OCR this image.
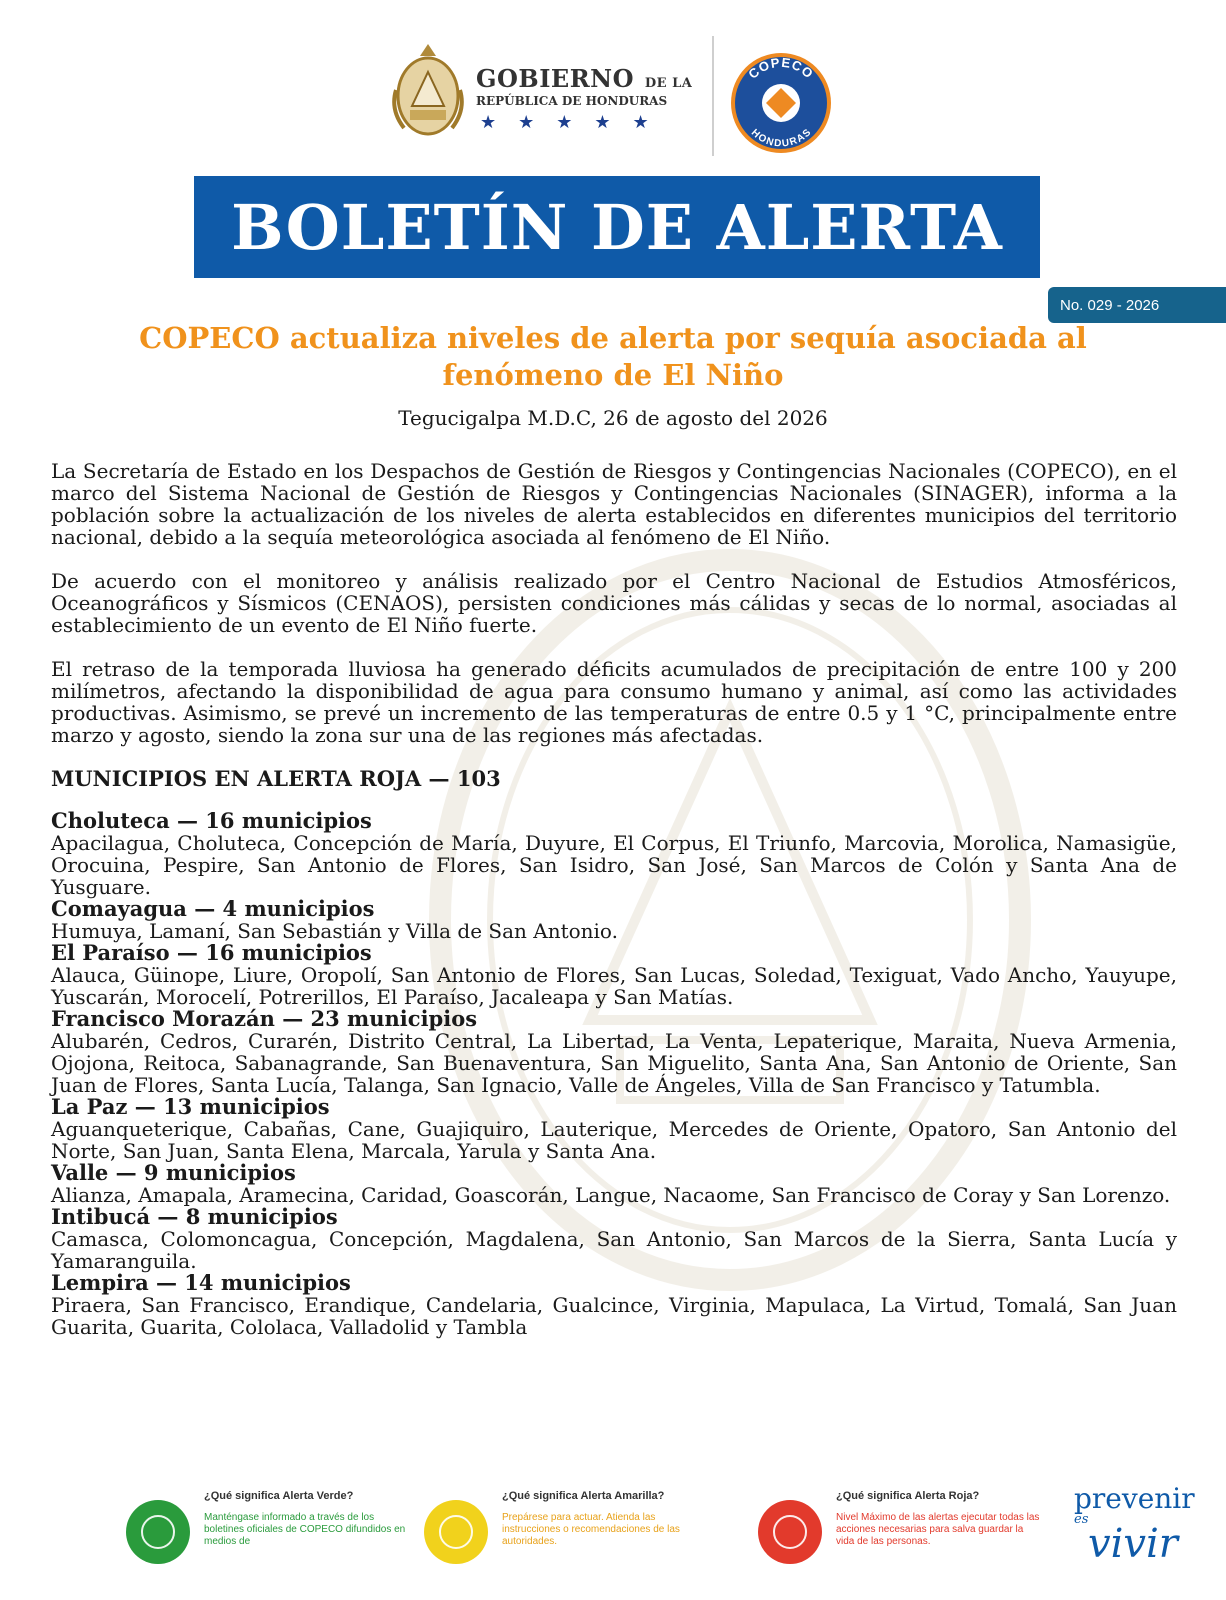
GOBIERNO DE LA
REPÚBLICA DE HONDURAS
★★★★★
COPECO
HONDURAS
BOLETÍN DE ALERTA
No. 029 - 2026
COPECO actualiza niveles de alerta por sequía asociada al fenómeno de El Niño
Tegucigalpa M.D.C, 26 de agosto del 2026

La Secretaría de Estado en los Despachos de Gestión de Riesgos y Contingencias Nacionales (COPECO), en el marco del Sistema Nacional de Gestión de Riesgos y Contingencias Nacionales (SINAGER), informa a la población sobre la actualización de los niveles de alerta establecidos en diferentes municipios del territorio nacional, debido a la sequía meteorológica asociada al fenómeno de El Niño.

De acuerdo con el monitoreo y análisis realizado por el Centro Nacional de Estudios Atmosféricos, Oceanográficos y Sísmicos (CENAOS), persisten condiciones más cálidas y secas de lo normal, asociadas al establecimiento de un evento de El Niño fuerte.

El retraso de la temporada lluviosa ha generado déficits acumulados de precipitación de entre 100 y 200 milímetros, afectando la disponibilidad de agua para consumo humano y animal, así como las actividades productivas. Asimismo, se prevé un incremento de las temperaturas de entre 0.5 y 1 °C, principalmente entre marzo y agosto, siendo la zona sur una de las regiones más afectadas.

MUNICIPIOS EN ALERTA ROJA — 103
Choluteca — 16 municipios
Apacilagua, Choluteca, Concepción de María, Duyure, El Corpus, El Triunfo, Marcovia, Morolica, Namasigüe, Orocuina, Pespire, San Antonio de Flores, San Isidro, San José, San Marcos de Colón y Santa Ana de Yusguare.
Comayagua — 4 municipios
Humuya, Lamaní, San Sebastián y Villa de San Antonio.
El Paraíso — 16 municipios
Alauca, Güinope, Liure, Oropolí, San Antonio de Flores, San Lucas, Soledad, Texiguat, Vado Ancho, Yauyupe, Yuscarán, Morocelí, Potrerillos, El Paraíso, Jacaleapa y San Matías.
Francisco Morazán — 23 municipios
Alubarén, Cedros, Curarén, Distrito Central, La Libertad, La Venta, Lepaterique, Maraita, Nueva Armenia, Ojojona, Reitoca, Sabanagrande, San Buenaventura, San Miguelito, Santa Ana, San Antonio de Oriente, San Juan de Flores, Santa Lucía, Talanga, San Ignacio, Valle de Ángeles, Villa de San Francisco y Tatumbla.
La Paz — 13 municipios
Aguanqueterique, Cabañas, Cane, Guajiquiro, Lauterique, Mercedes de Oriente, Opatoro, San Antonio del Norte, San Juan, Santa Elena, Marcala, Yarula y Santa Ana.
Valle — 9 municipios
Alianza, Amapala, Aramecina, Caridad, Goascorán, Langue, Nacaome, San Francisco de Coray y San Lorenzo.
Intibucá — 8 municipios
Camasca, Colomoncagua, Concepción, Magdalena, San Antonio, San Marcos de la Sierra, Santa Lucía y Yamaranguila.
Lempira — 14 municipios
Piraera, San Francisco, Erandique, Candelaria, Gualcince, Virginia, Mapulaca, La Virtud, Tomalá, San Juan Guarita, Guarita, Cololaca, Valladolid y Tambla
¿Qué significa Alerta Verde?
Manténgase informado a través de los boletines oficiales de COPECO difundidos en medios de
¿Qué significa Alerta Amarilla?
Prepárese para actuar. Atienda las instrucciones o recomendaciones de las autoridades.
¿Qué significa Alerta Roja?
Nivel Máximo de las alertas ejecutar todas las acciones necesarias para salva guardar la vida de las personas.
prevenir
es
vivir
